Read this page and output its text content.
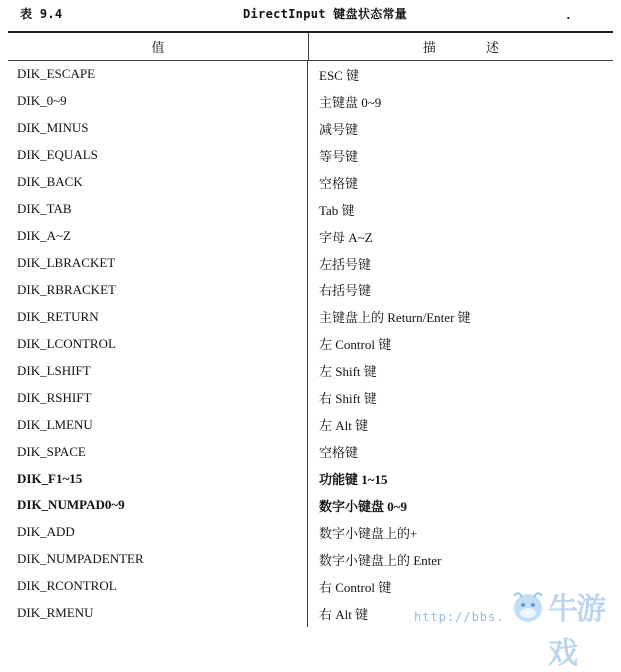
表 9.4	DirectInput 键盘状态常量	.
值	描 述
DIK_ESCAPE	ESC 键
DIK_0~9	主键盘 0~9
DIK_MINUS	减号键
DIK_EQUALS	等号键
DIK_BACK	空格键
DIK_TAB	Tab 键
DIK_A~Z	字母 A~Z
DIK_LBRACKET	左括号键
DIK_RBRACKET	右括号键
DIK_RETURN	主键盘上的 Return/Enter 键
DIK_LCONTROL	左 Control 键
DIK_LSHIFT	左 Shift 键
DIK_RSHIFT	右 Shift 键
DIK_LMENU	左 Alt 键
DIK_SPACE	空格键
DIK_F1~15	功能键 1~15
DIK_NUMPAD0~9	数字小键盘 0~9
DIK_ADD	数字小键盘上的+
DIK_NUMPADENTER	数字小键盘上的 Enter
DIK_RCONTROL	右 Control 键
DIK_RMENU	右 Alt 键	http://bbs. 牛游戏
